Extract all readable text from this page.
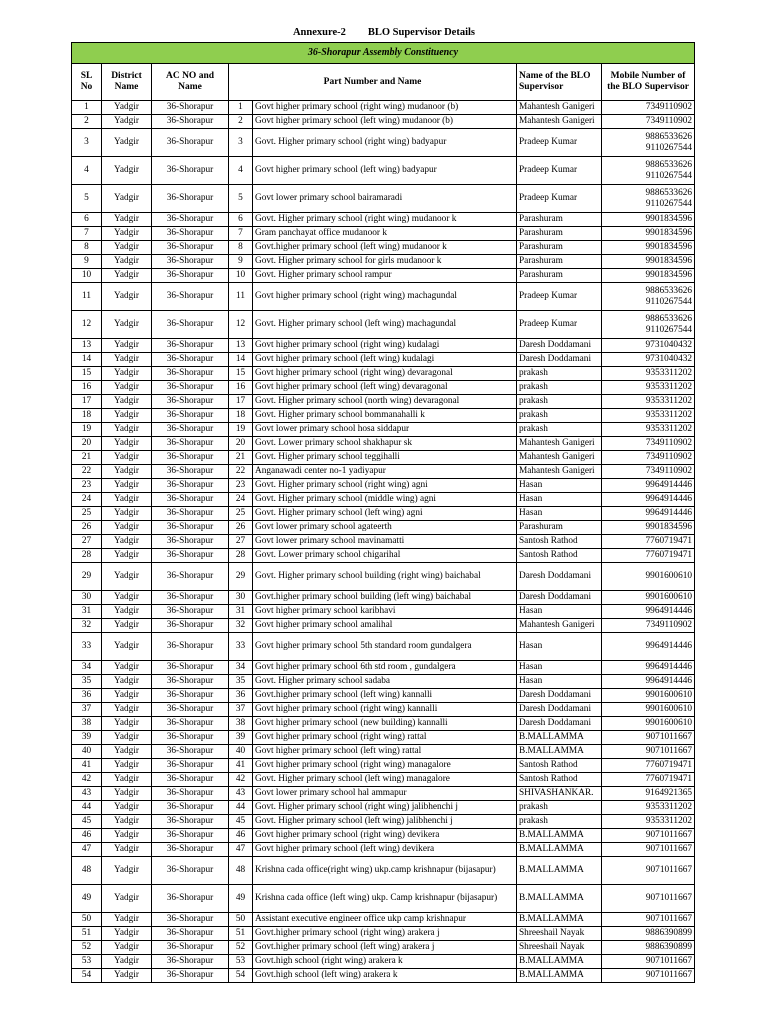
Annexure-2 BLO Supervisor Details
36-Shorapur Assembly Constituency						
SL No	District Name	AC NO and Name	Part Number and Name		Name of the BLO Supervisor	Mobile Number of the BLO Supervisor
1	Yadgir	36-Shorapur	1	Govt higher primary school (right wing) mudanoor (b)	Mahantesh Ganigeri	7349110902

2	Yadgir	36-Shorapur	2	Govt higher primary school (left wing) mudanoor (b)	Mahantesh Ganigeri	7349110902

3	Yadgir	36-Shorapur	3	Govt. Higher primary school (right wing) badyapur	Pradeep Kumar	9886533626
9110267544

4	Yadgir	36-Shorapur	4	Govt higher primary school (left wing) badyapur	Pradeep Kumar	9886533626
9110267544

5	Yadgir	36-Shorapur	5	Govt lower primary school bairamaradi	Pradeep Kumar	9886533626
9110267544

6	Yadgir	36-Shorapur	6	Govt. Higher primary school (right wing) mudanoor k	Parashuram	9901834596

7	Yadgir	36-Shorapur	7	Gram panchayat office mudanoor k	Parashuram	9901834596

8	Yadgir	36-Shorapur	8	Govt.higher primary school (left wing) mudanoor k	Parashuram	9901834596

9	Yadgir	36-Shorapur	9	Govt. Higher primary school for girls mudanoor k	Parashuram	9901834596

10	Yadgir	36-Shorapur	10	Govt. Higher primary school rampur	Parashuram	9901834596

11	Yadgir	36-Shorapur	11	Govt higher primary school (right wing) machagundal	Pradeep Kumar	9886533626
9110267544

12	Yadgir	36-Shorapur	12	Govt. Higher primary school (left wing) machagundal	Pradeep Kumar	9886533626
9110267544

13	Yadgir	36-Shorapur	13	Govt higher primary school (right wing) kudalagi	Daresh Doddamani	9731040432

14	Yadgir	36-Shorapur	14	Govt higher primary school (left wing) kudalagi	Daresh Doddamani	9731040432

15	Yadgir	36-Shorapur	15	Govt higher primary school (right wing) devaragonal	prakash	9353311202

16	Yadgir	36-Shorapur	16	Govt higher primary school (left wing) devaragonal	prakash	9353311202

17	Yadgir	36-Shorapur	17	Govt. Higher primary school (north wing) devaragonal	prakash	9353311202

18	Yadgir	36-Shorapur	18	Govt. Higher primary school bommanahalli k	prakash	9353311202

19	Yadgir	36-Shorapur	19	Govt lower primary school hosa siddapur	prakash	9353311202

20	Yadgir	36-Shorapur	20	Govt. Lower primary school shakhapur sk	Mahantesh Ganigeri	7349110902

21	Yadgir	36-Shorapur	21	Govt. Higher primary school teggihalli	Mahantesh Ganigeri	7349110902

22	Yadgir	36-Shorapur	22	Anganawadi center no-1 yadiyapur	Mahantesh Ganigeri	7349110902

23	Yadgir	36-Shorapur	23	Govt. Higher primary school (right wing) agni	Hasan	9964914446

24	Yadgir	36-Shorapur	24	Govt. Higher primary school (middle wing) agni	Hasan	9964914446

25	Yadgir	36-Shorapur	25	Govt. Higher primary school (left wing) agni	Hasan	9964914446

26	Yadgir	36-Shorapur	26	Govt lower primary school agateerth	Parashuram	9901834596

27	Yadgir	36-Shorapur	27	Govt lower primary school mavinamatti	Santosh Rathod	7760719471

28	Yadgir	36-Shorapur	28	Govt. Lower primary school chigarihal	Santosh Rathod	7760719471

29	Yadgir	36-Shorapur	29	Govt. Higher primary school building (right wing) baichabal	Daresh Doddamani	9901600610

30	Yadgir	36-Shorapur	30	Govt.higher primary school building (left wing) baichabal	Daresh Doddamani	9901600610

31	Yadgir	36-Shorapur	31	Govt higher primary school karibhavi	Hasan	9964914446

32	Yadgir	36-Shorapur	32	Govt higher primary school amalihal	Mahantesh Ganigeri	7349110902

33	Yadgir	36-Shorapur	33	Govt higher primary school 5th standard room gundalgera	Hasan	9964914446

34	Yadgir	36-Shorapur	34	Govt higher primary school 6th std room , gundalgera	Hasan	9964914446

35	Yadgir	36-Shorapur	35	Govt. Higher primary school sadaba	Hasan	9964914446

36	Yadgir	36-Shorapur	36	Govt.higher primary school (left wing) kannalli	Daresh Doddamani	9901600610

37	Yadgir	36-Shorapur	37	Govt higher primary school (right wing) kannalli	Daresh Doddamani	9901600610

38	Yadgir	36-Shorapur	38	Govt higher primary school (new building) kannalli	Daresh Doddamani	9901600610

39	Yadgir	36-Shorapur	39	Govt higher primary school (right wing) rattal	B.MALLAMMA	9071011667

40	Yadgir	36-Shorapur	40	Govt higher primary school (left wing) rattal	B.MALLAMMA	9071011667

41	Yadgir	36-Shorapur	41	Govt higher primary school (right wing) managalore	Santosh Rathod	7760719471

42	Yadgir	36-Shorapur	42	Govt. Higher primary school (left wing) managalore	Santosh Rathod	7760719471

43	Yadgir	36-Shorapur	43	Govt lower primary school hal ammapur	SHIVASHANKAR.	9164921365

44	Yadgir	36-Shorapur	44	Govt. Higher primary school (right wing) jalibhenchi j	prakash	9353311202

45	Yadgir	36-Shorapur	45	Govt. Higher primary school (left wing) jalibhenchi j	prakash	9353311202

46	Yadgir	36-Shorapur	46	Govt higher primary school (right wing) devikera	B.MALLAMMA	9071011667

47	Yadgir	36-Shorapur	47	Govt higher primary school (left wing) devikera	B.MALLAMMA	9071011667

48	Yadgir	36-Shorapur	48	Krishna cada office(right wing) ukp.camp krishnapur (bijasapur)	B.MALLAMMA	9071011667

49	Yadgir	36-Shorapur	49	Krishna cada office (left wing) ukp. Camp krishnapur (bijasapur)	B.MALLAMMA	9071011667

50	Yadgir	36-Shorapur	50	Assistant executive engineer office ukp camp krishnapur	B.MALLAMMA	9071011667

51	Yadgir	36-Shorapur	51	Govt.higher primary school (right wing) arakera j	Shreeshail Nayak	9886390899

52	Yadgir	36-Shorapur	52	Govt.higher primary school (left wing) arakera j	Shreeshail Nayak	9886390899

53	Yadgir	36-Shorapur	53	Govt.high school (right wing) arakera k	B.MALLAMMA	9071011667

54	Yadgir	36-Shorapur	54	Govt.high school (left wing) arakera k	B.MALLAMMA	9071011667
